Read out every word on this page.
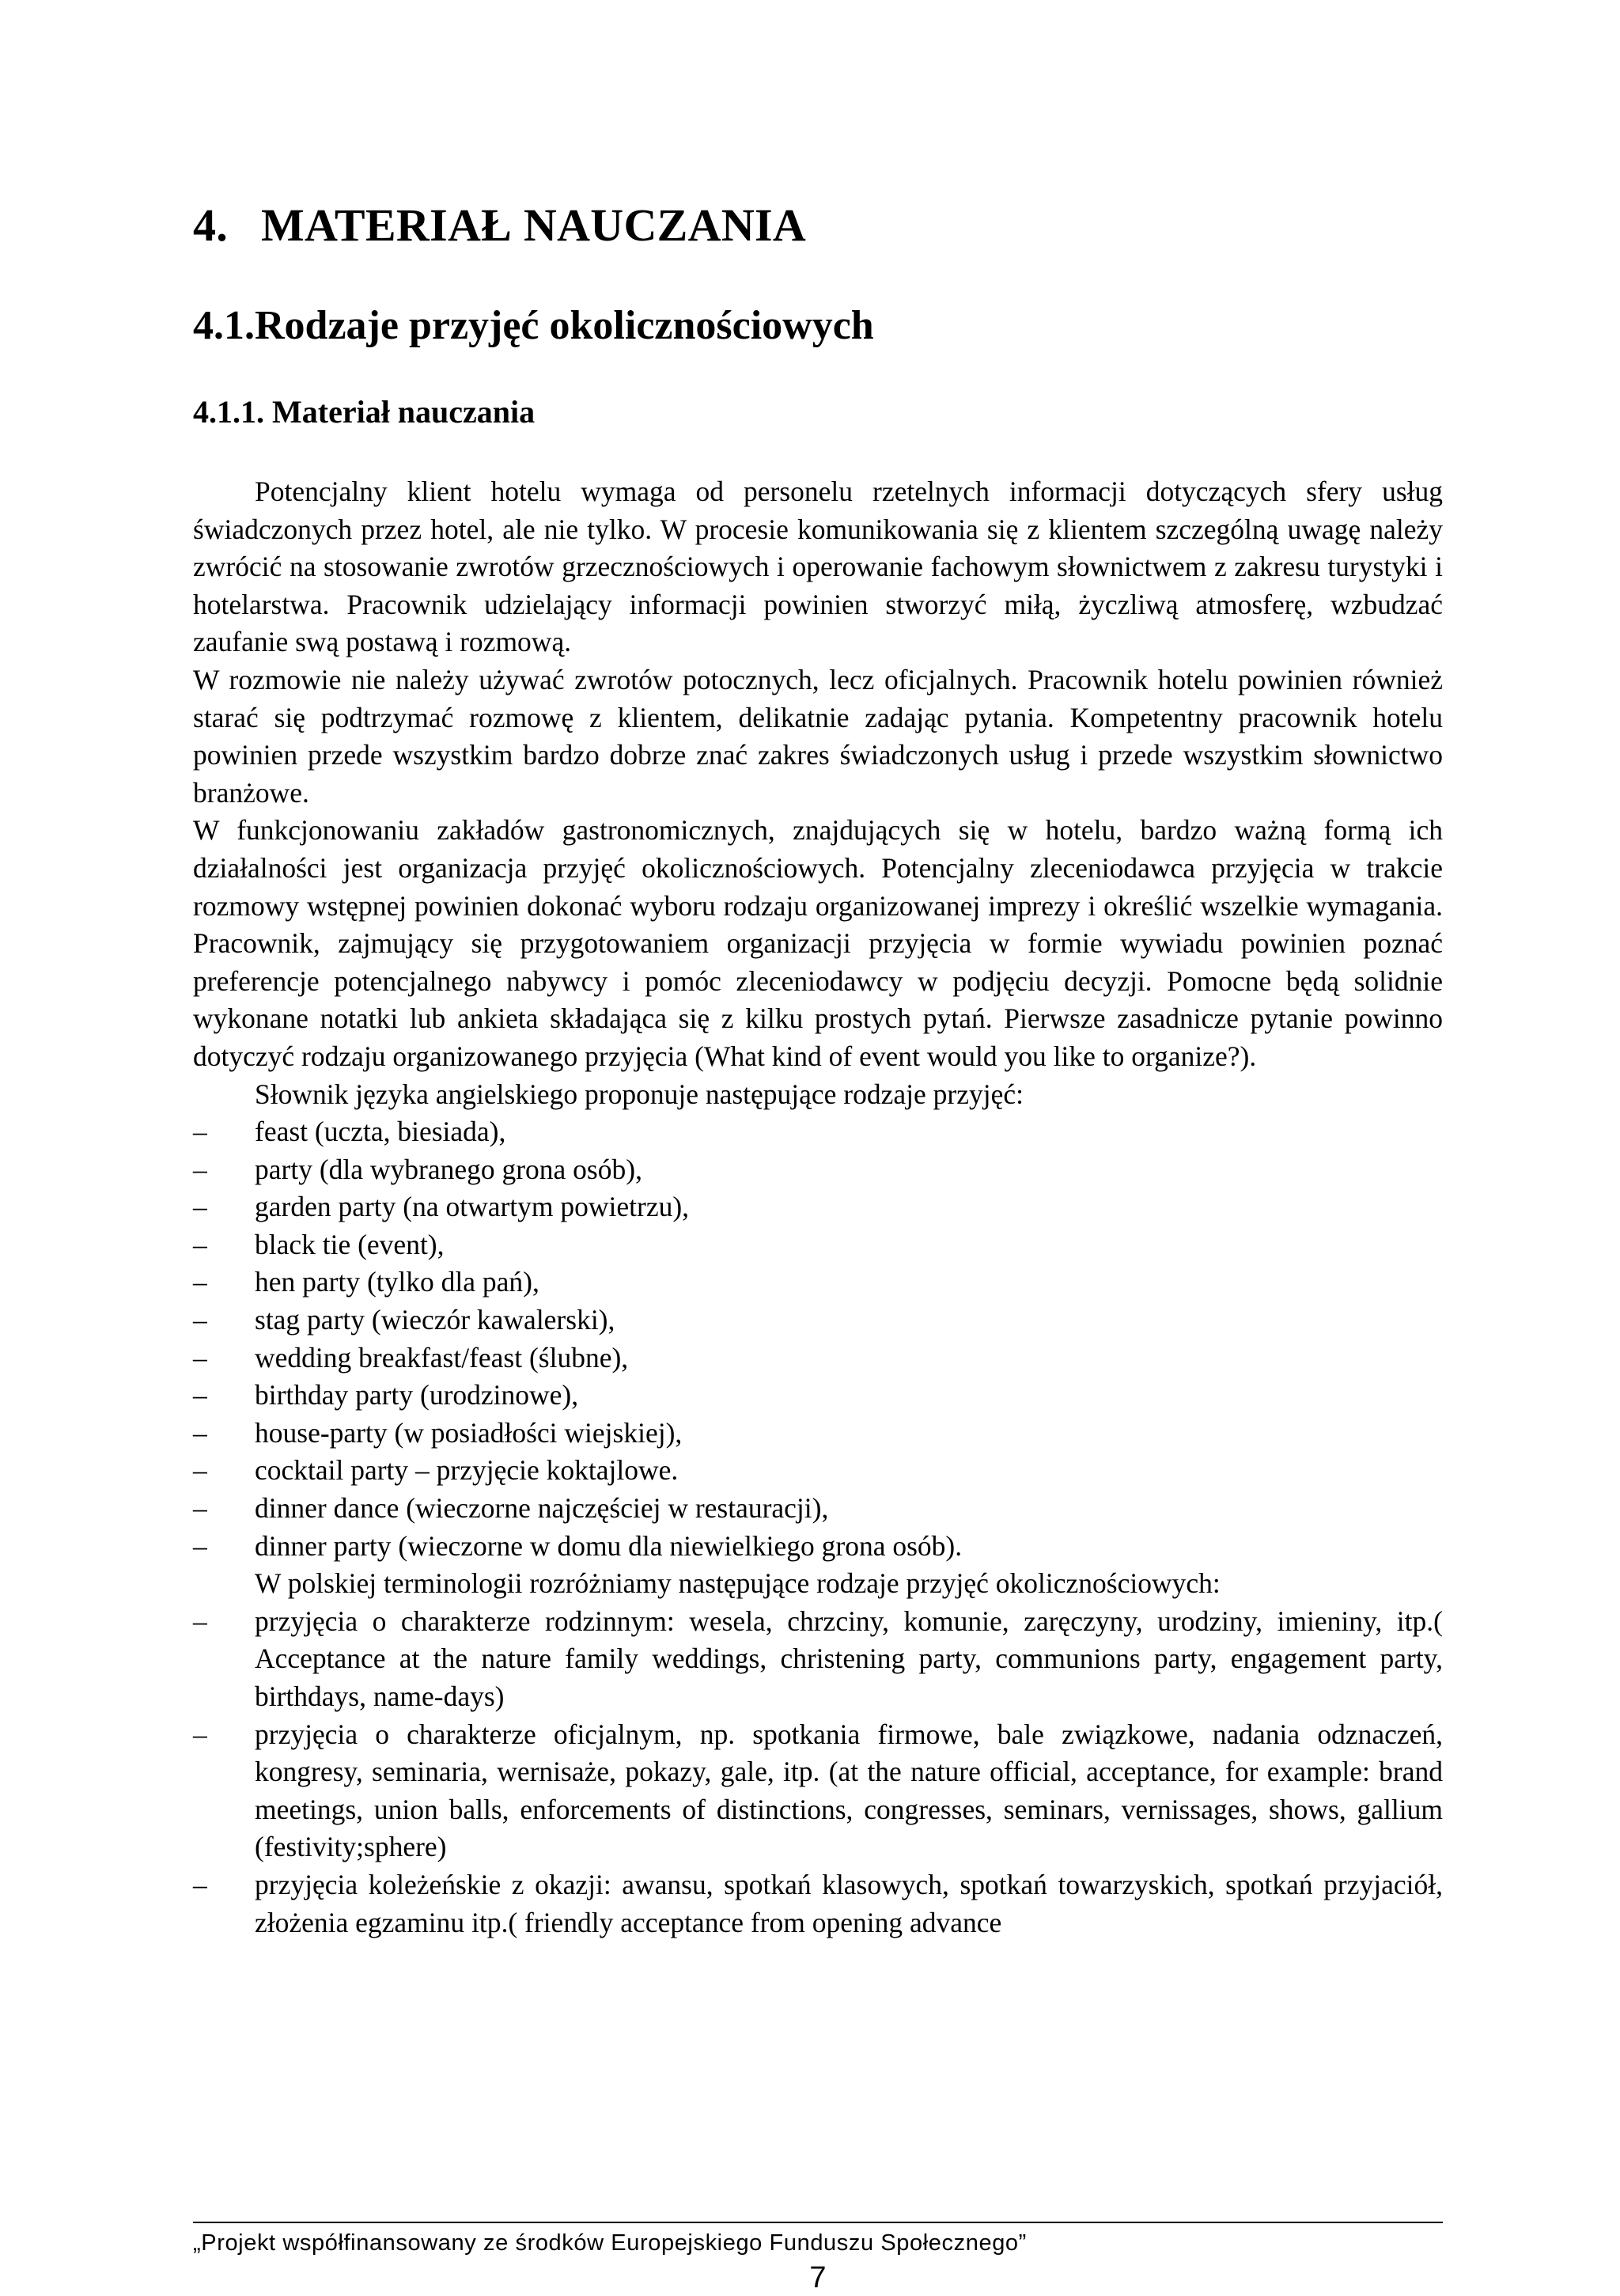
4. MATERIAŁ NAUCZANIA
4.1.Rodzaje przyjęć okolicznościowych
4.1.1. Materiał nauczania

Potencjalny klient hotelu wymaga od personelu rzetelnych informacji dotyczących sfery usług świadczonych przez hotel, ale nie tylko. W procesie komunikowania się z klientem szczególną uwagę należy zwrócić na stosowanie zwrotów grzecznościowych i operowanie fachowym słownictwem z zakresu turystyki i hotelarstwa. Pracownik udzielający informacji powinien stworzyć miłą, życzliwą atmosferę, wzbudzać zaufanie swą postawą i rozmową.

W rozmowie nie należy używać zwrotów potocznych, lecz oficjalnych. Pracownik hotelu powinien również starać się podtrzymać rozmowę z klientem, delikatnie zadając pytania. Kompetentny pracownik hotelu powinien przede wszystkim bardzo dobrze znać zakres świadczonych usług i przede wszystkim słownictwo branżowe.

W funkcjonowaniu zakładów gastronomicznych, znajdujących się w hotelu, bardzo ważną formą ich działalności jest organizacja przyjęć okolicznościowych. Potencjalny zleceniodawca przyjęcia w trakcie rozmowy wstępnej powinien dokonać wyboru rodzaju organizowanej imprezy i określić wszelkie wymagania. Pracownik, zajmujący się przygotowaniem organizacji przyjęcia w formie wywiadu powinien poznać preferencje potencjalnego nabywcy i pomóc zleceniodawcy w podjęciu decyzji. Pomocne będą solidnie wykonane notatki lub ankieta składająca się z kilku prostych pytań. Pierwsze zasadnicze pytanie powinno dotyczyć rodzaju organizowanego przyjęcia (What kind of event would you like to organize?).

Słownik języka angielskiego proponuje następujące rodzaje przyjęć:

–	feast (uczta, biesiada),
–	party (dla wybranego grona osób),
–	garden party (na otwartym powietrzu),
–	black tie (event),
–	hen party (tylko dla pań),
–	stag party (wieczór kawalerski),
–	wedding breakfast/feast (ślubne),
–	birthday party (urodzinowe),
–	house-party (w posiadłości wiejskiej),
–	cocktail party – przyjęcie koktajlowe.
–	dinner dance (wieczorne najczęściej w restauracji),
–	dinner party (wieczorne w domu dla niewielkiego grona osób).

W polskiej terminologii rozróżniamy następujące rodzaje przyjęć okolicznościowych:

–	przyjęcia o charakterze rodzinnym: wesela, chrzciny, komunie, zaręczyny, urodziny, imieniny, itp.( Acceptance at the nature family weddings, christening party, communions party, engagement party, birthdays, name-days)
–	przyjęcia o charakterze oficjalnym, np. spotkania firmowe, bale związkowe, nadania odznaczeń, kongresy, seminaria, wernisaże, pokazy, gale, itp. (at the nature official, acceptance, for example: brand meetings, union balls, enforcements of distinctions, congresses, seminars, vernissages, shows, gallium (festivity;sphere)
–	przyjęcia koleżeńskie z okazji: awansu, spotkań klasowych, spotkań towarzyskich, spotkań przyjaciół, złożenia egzaminu itp.( friendly acceptance from opening advance
„Projekt współfinansowany ze środków Europejskiego Funduszu Społecznego”
7
